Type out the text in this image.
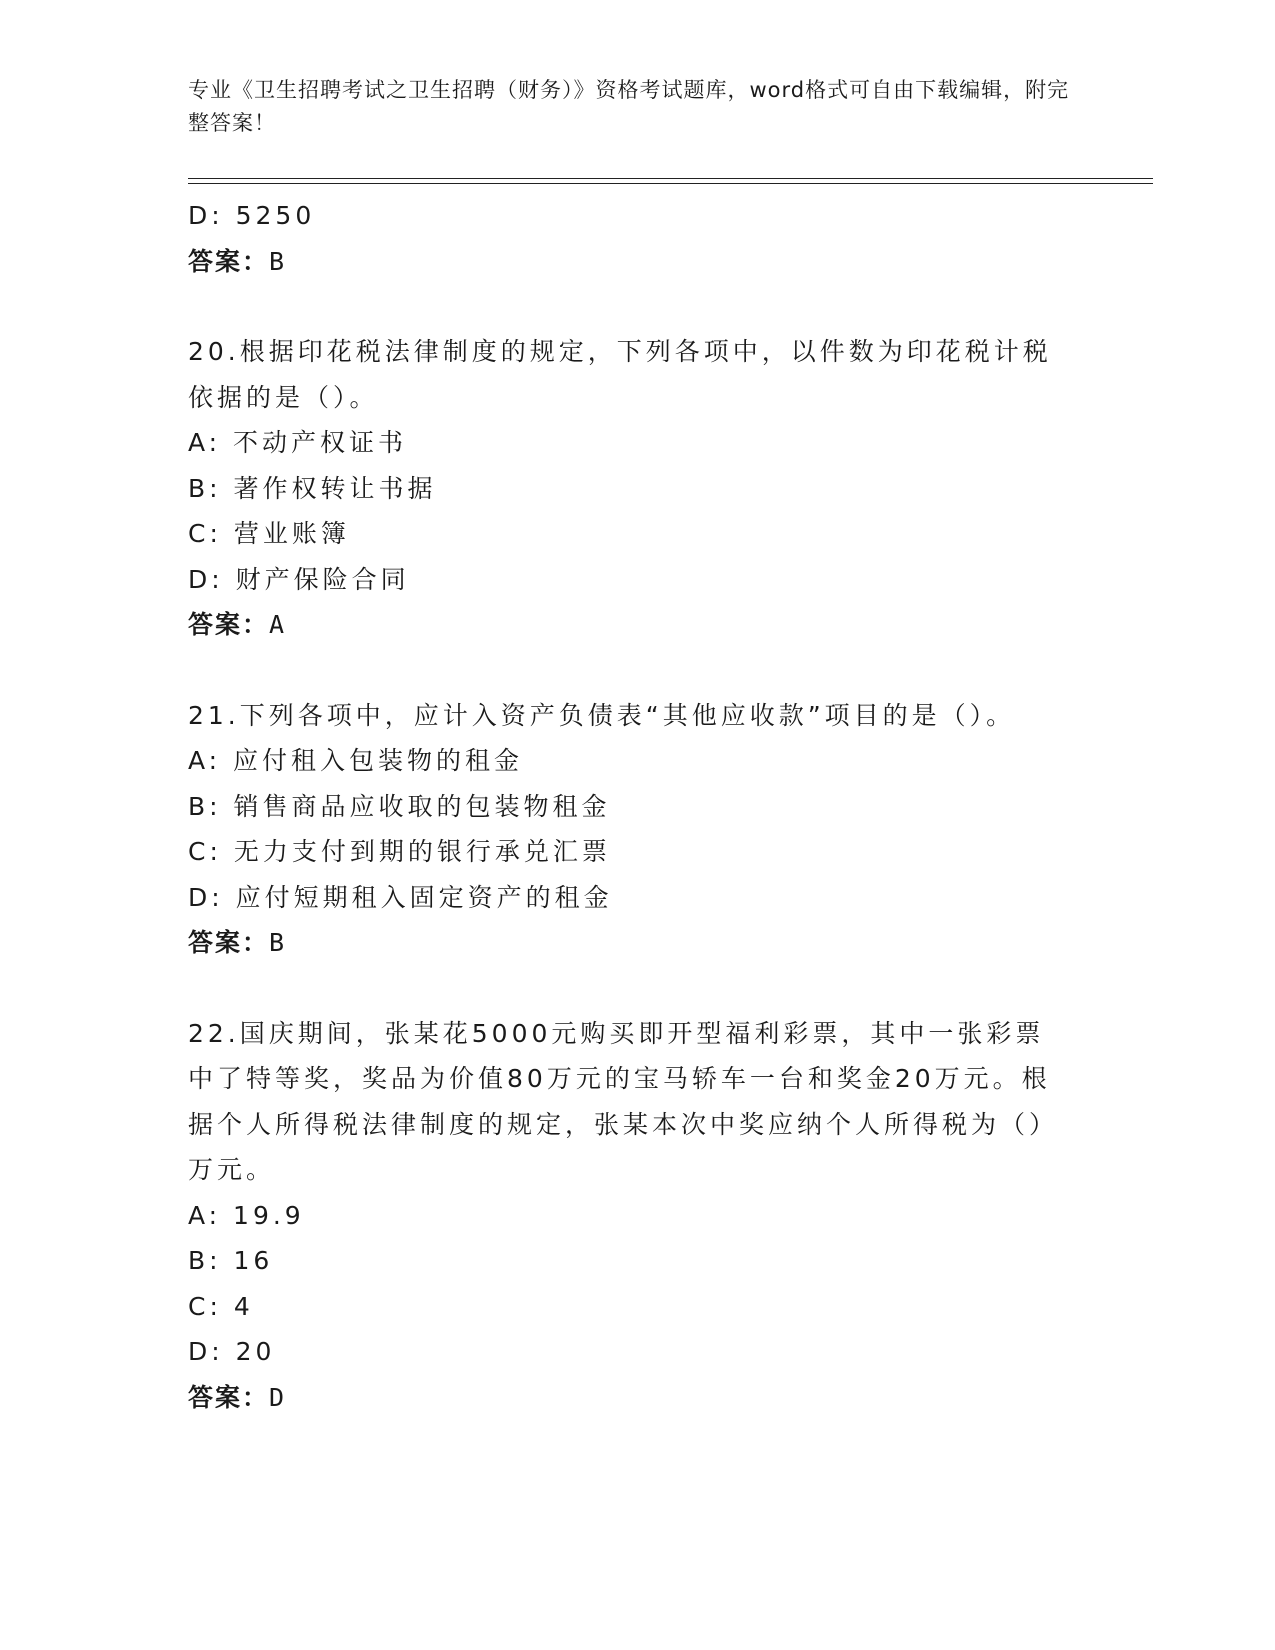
专业《卫生招聘考试之卫生招聘（财务）》资格考试题库，word格式可自由下载编辑，附完整答案！
D: 5250
答案：B
20.根据印花税法律制度的规定，下列各项中，以件数为印花税计税依据的是（）。
A: 不动产权证书
B: 著作权转让书据
C: 营业账簿
D: 财产保险合同
答案：A
21.下列各项中，应计入资产负债表“其他应收款”项目的是（）。
A: 应付租入包装物的租金
B: 销售商品应收取的包装物租金
C: 无力支付到期的银行承兑汇票
D: 应付短期租入固定资产的租金
答案：B
22.国庆期间，张某花5000元购买即开型福利彩票，其中一张彩票中了特等奖，奖品为价值80万元的宝马轿车一台和奖金20万元。根据个人所得税法律制度的规定，张某本次中奖应纳个人所得税为（）万元。
A: 19.9
B: 16
C: 4
D: 20
答案：D
